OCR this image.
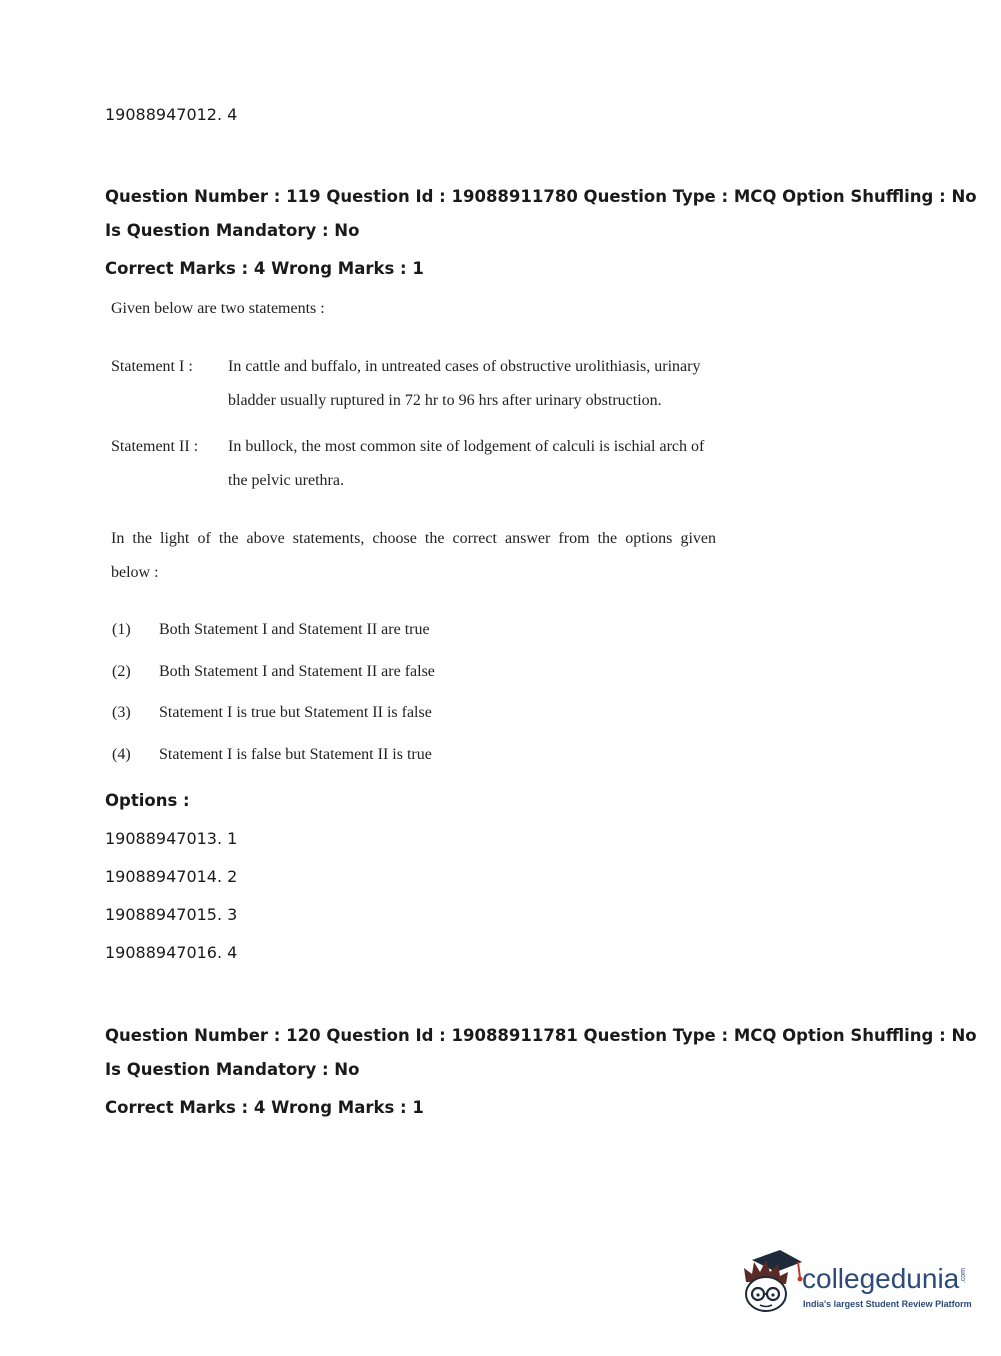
19088947012. 4
Question Number : 119 Question Id : 19088911780 Question Type : MCQ Option Shuffling : No
Is Question Mandatory : No
Correct Marks : 4 Wrong Marks : 1
Given below are two statements :
Statement I : In cattle and buffalo, in untreated cases of obstructive urolithiasis, urinary
bladder usually ruptured in 72 hr to 96 hrs after urinary obstruction.
Statement II : In bullock, the most common site of lodgement of calculi is ischial arch of
the pelvic urethra.
In the light of the above statements, choose the correct answer from the options given
below :
(1) Both Statement I and Statement II are true
(2) Both Statement I and Statement II are false
(3) Statement I is true but Statement II is false
(4) Statement I is false but Statement II is true
Options :
19088947013. 1
19088947014. 2
19088947015. 3
19088947016. 4
Question Number : 120 Question Id : 19088911781 Question Type : MCQ Option Shuffling : No
Is Question Mandatory : No
Correct Marks : 4 Wrong Marks : 1
collegedunia .com
India's largest Student Review Platform
